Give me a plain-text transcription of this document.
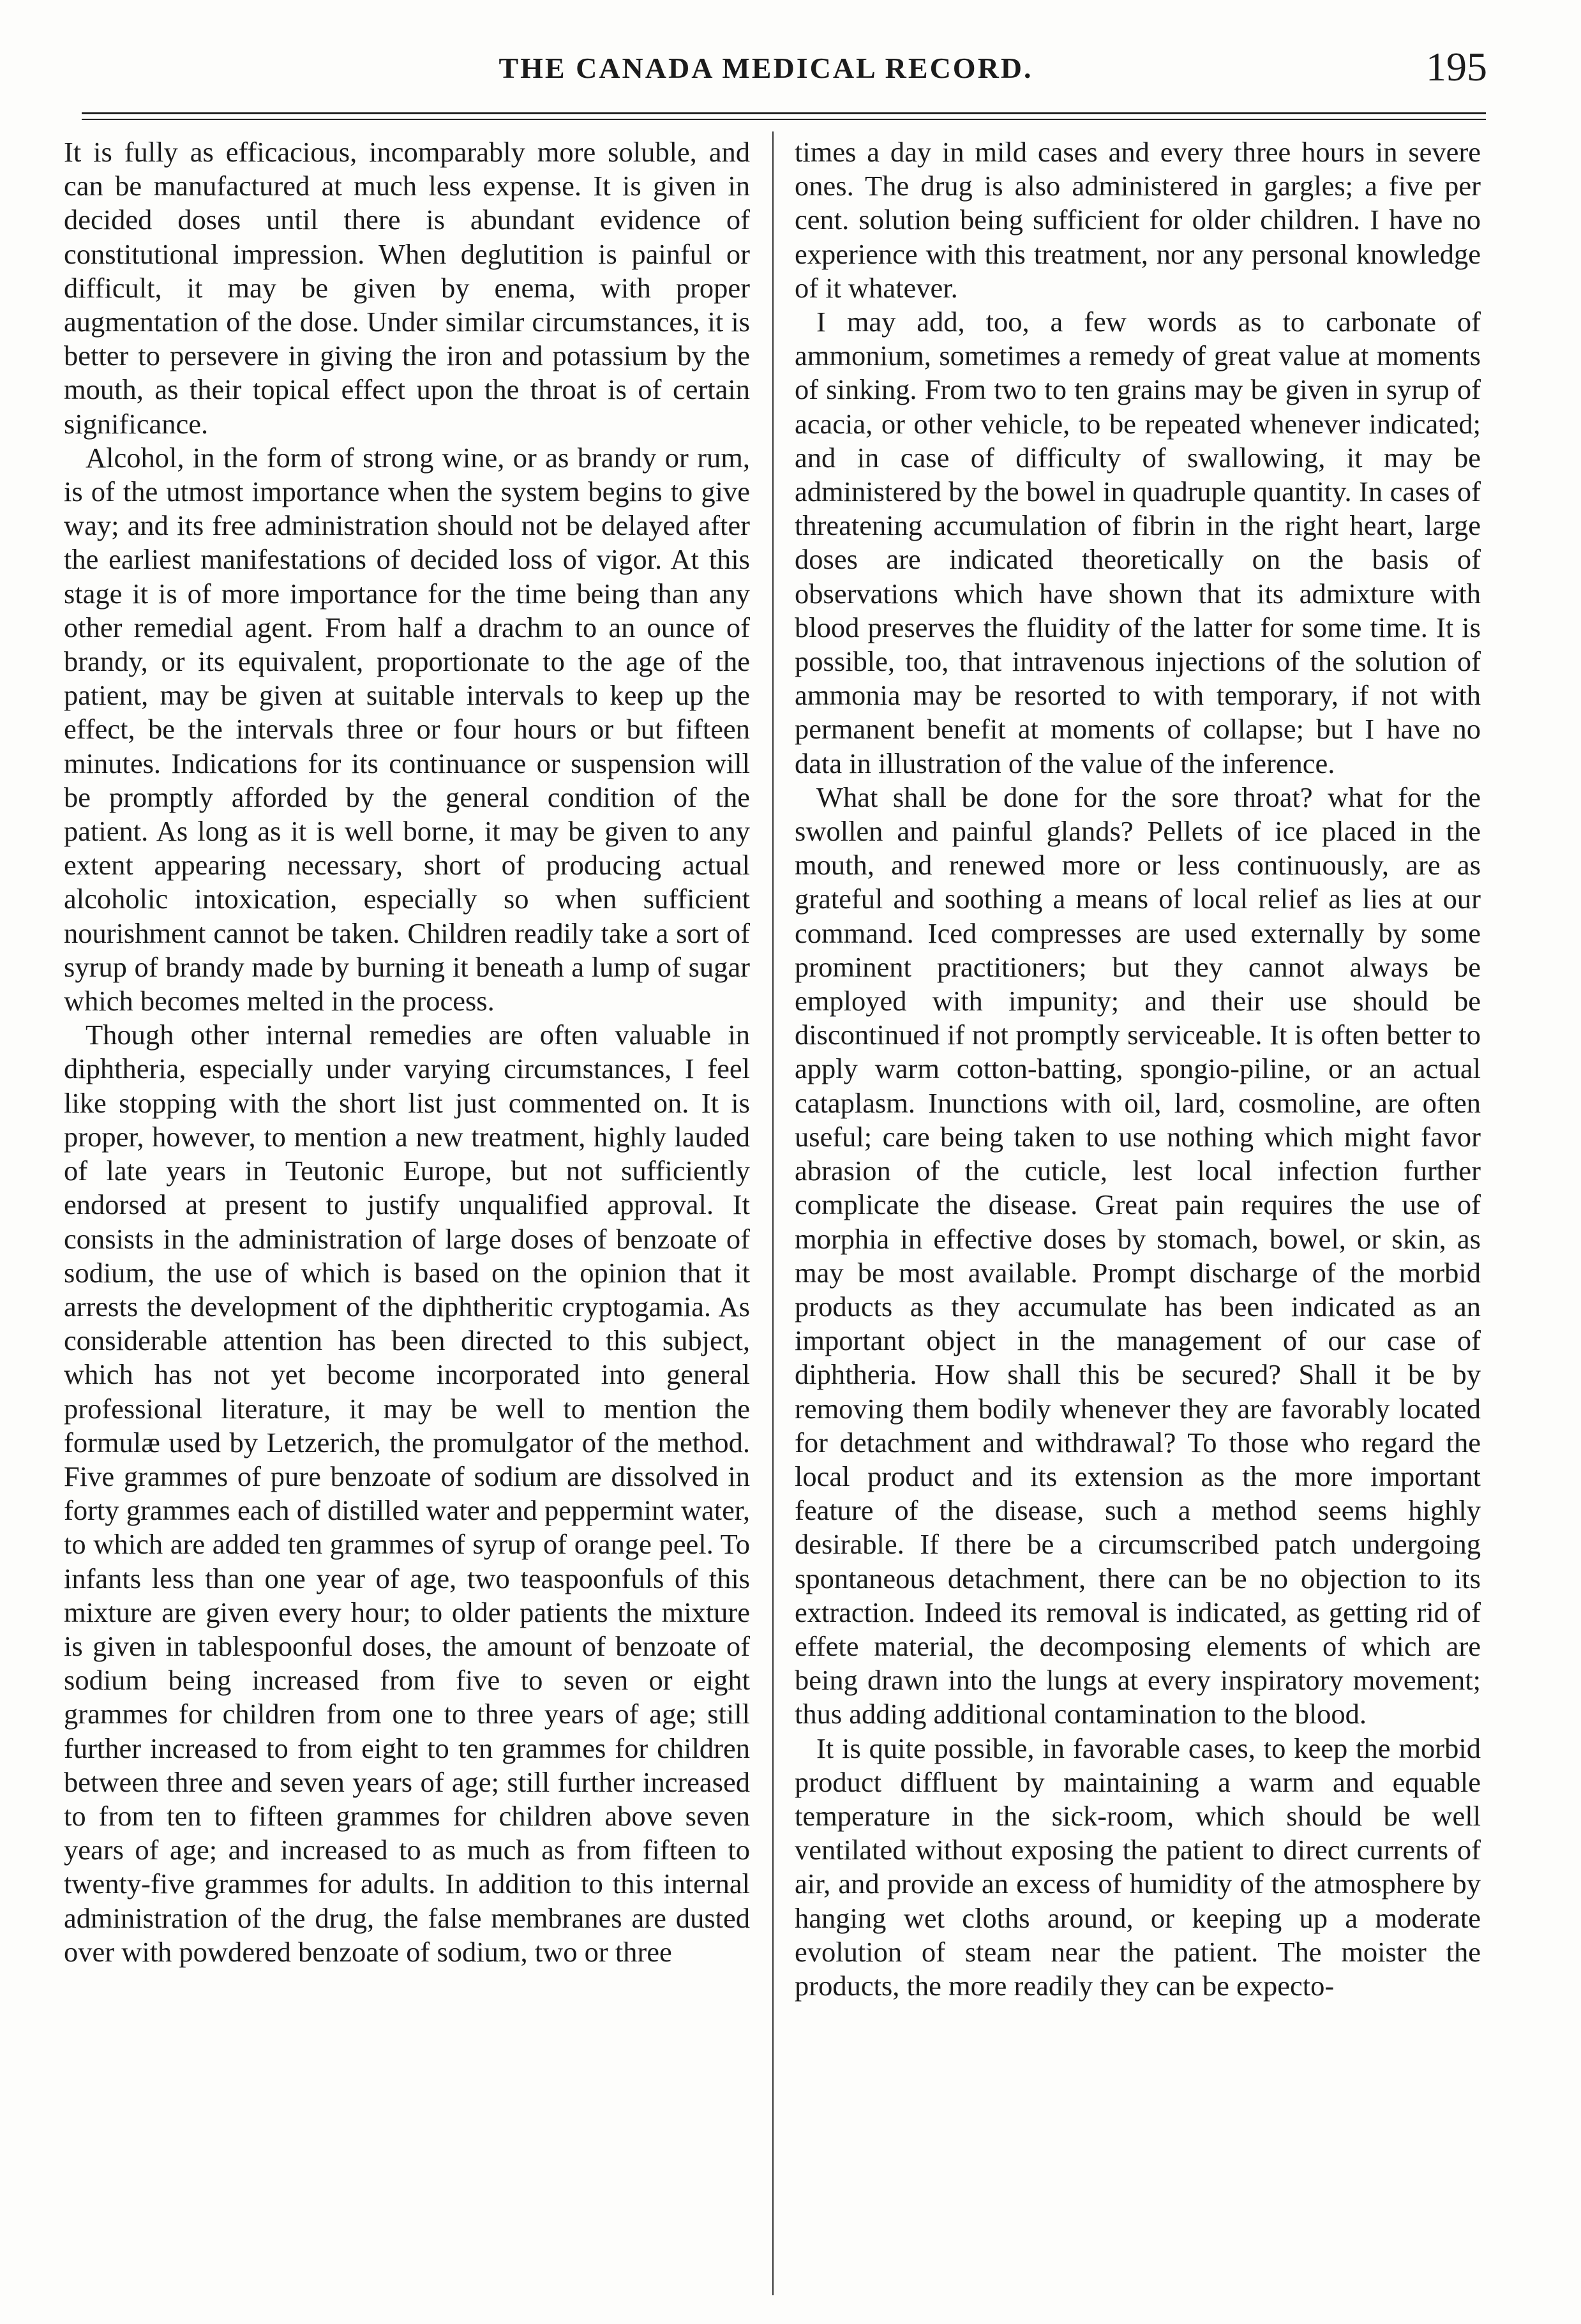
THE CANADA MEDICAL RECORD.	195

It is fully as efficacious, incomparably more soluble, and can be manufactured at much less expense. It is given in decided doses until there is abundant evidence of constitutional impression. When deglutition is painful or difficult, it may be given by enema, with proper augmentation of the dose. Under similar circumstances, it is better to persevere in giving the iron and potassium by the mouth, as their topical effect upon the throat is of certain significance.

Alcohol, in the form of strong wine, or as brandy or rum, is of the utmost importance when the system begins to give way; and its free administration should not be delayed after the earliest manifestations of decided loss of vigor. At this stage it is of more importance for the time being than any other remedial agent. From half a drachm to an ounce of brandy, or its equivalent, proportionate to the age of the patient, may be given at suitable intervals to keep up the effect, be the intervals three or four hours or but fifteen minutes. Indications for its continuance or suspension will be promptly afforded by the general condition of the patient. As long as it is well borne, it may be given to any extent appearing necessary, short of producing actual alcoholic intoxication, especially so when sufficient nourishment cannot be taken. Children readily take a sort of syrup of brandy made by burning it beneath a lump of sugar which becomes melted in the process.

Though other internal remedies are often valuable in diphtheria, especially under varying circumstances, I feel like stopping with the short list just commented on. It is proper, however, to mention a new treatment, highly lauded of late years in Teutonic Europe, but not sufficiently endorsed at present to justify unqualified approval. It consists in the administration of large doses of benzoate of sodium, the use of which is based on the opinion that it arrests the development of the diphtheritic cryptogamia. As considerable attention has been directed to this subject, which has not yet become incorporated into general professional literature, it may be well to mention the formulæ used by Letzerich, the promulgator of the method. Five grammes of pure benzoate of sodium are dissolved in forty grammes each of distilled water and peppermint water, to which are added ten grammes of syrup of orange peel. To infants less than one year of age, two teaspoonfuls of this mixture are given every hour; to older patients the mixture is given in tablespoonful doses, the amount of benzoate of sodium being increased from five to seven or eight grammes for children from one to three years of age; still further increased to from eight to ten grammes for children between three and seven years of age; still further increased to from ten to fifteen grammes for children above seven years of age; and increased to as much as from fifteen to twenty-five grammes for adults. In addition to this internal administration of the drug, the false membranes are dusted over with powdered benzoate of sodium, two or three

times a day in mild cases and every three hours in severe ones. The drug is also administered in gargles; a five per cent. solution being sufficient for older children. I have no experience with this treatment, nor any personal knowledge of it whatever.

I may add, too, a few words as to carbonate of ammonium, sometimes a remedy of great value at moments of sinking. From two to ten grains may be given in syrup of acacia, or other vehicle, to be repeated whenever indicated; and in case of difficulty of swallowing, it may be administered by the bowel in quadruple quantity. In cases of threatening accumulation of fibrin in the right heart, large doses are indicated theoretically on the basis of observations which have shown that its admixture with blood preserves the fluidity of the latter for some time. It is possible, too, that intravenous injections of the solution of ammonia may be resorted to with temporary, if not with permanent benefit at moments of collapse; but I have no data in illustration of the value of the inference.

What shall be done for the sore throat? what for the swollen and painful glands? Pellets of ice placed in the mouth, and renewed more or less continuously, are as grateful and soothing a means of local relief as lies at our command. Iced compresses are used externally by some prominent practitioners; but they cannot always be employed with impunity; and their use should be discontinued if not promptly serviceable. It is often better to apply warm cotton-batting, spongio-piline, or an actual cataplasm. Inunctions with oil, lard, cosmoline, are often useful; care being taken to use nothing which might favor abrasion of the cuticle, lest local infection further complicate the disease. Great pain requires the use of morphia in effective doses by stomach, bowel, or skin, as may be most available. Prompt discharge of the morbid products as they accumulate has been indicated as an important object in the management of our case of diphtheria. How shall this be secured? Shall it be by removing them bodily whenever they are favorably located for detachment and withdrawal? To those who regard the local product and its extension as the more important feature of the disease, such a method seems highly desirable. If there be a circumscribed patch undergoing spontaneous detachment, there can be no objection to its extraction. Indeed its removal is indicated, as getting rid of effete material, the decomposing elements of which are being drawn into the lungs at every inspiratory movement; thus adding additional contamination to the blood.

It is quite possible, in favorable cases, to keep the morbid product diffluent by maintaining a warm and equable temperature in the sick-room, which should be well ventilated without exposing the patient to direct currents of air, and provide an excess of humidity of the atmosphere by hanging wet cloths around, or keeping up a moderate evolution of steam near the patient. The moister the products, the more readily they can be expecto-
